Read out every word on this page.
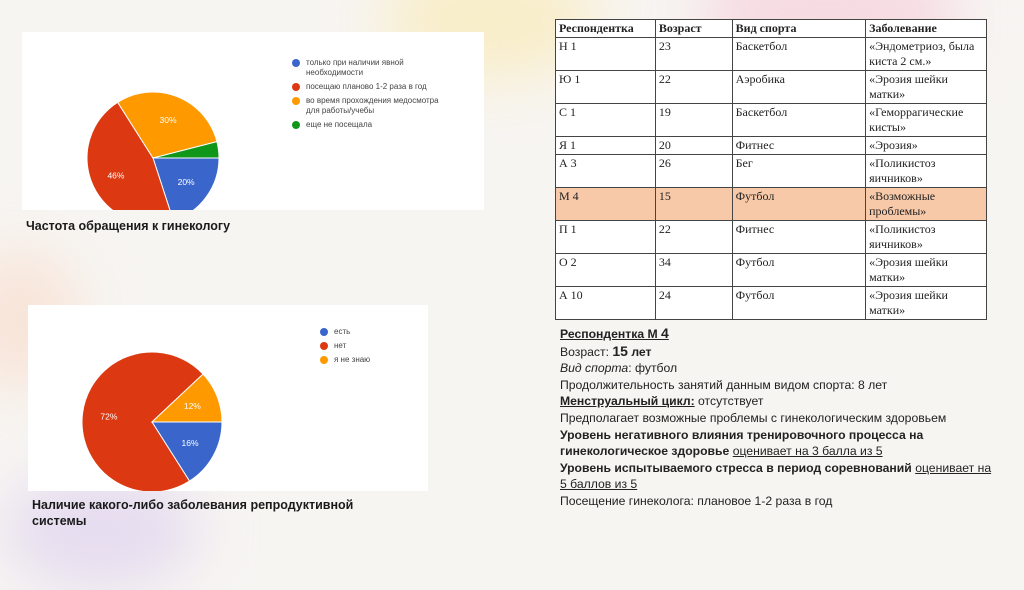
20%
46%
30%
только при наличии явной
необходимости
посещаю планово 1-2 раза в год
во время прохождения медосмотра
для работы/учебы
еще не посещала
Частота обращения к гинекологу
16%
72%
12%
есть
нет
я не знаю
Наличие какого-либо заболевания репродуктивной системы
Респондентка	Возраст	Вид спорта	Заболевание
Н 1	23	Баскетбол	«Эндометриоз, была киста 2 см.»
Ю 1	22	Аэробика	«Эрозия шейки матки»
С 1	19	Баскетбол	«Геморрагические кисты»
Я 1	20	Фитнес	«Эрозия»
А 3	26	Бег	«Поликистоз яичников»
М 4	15	Футбол	«Возможные проблемы»
П 1	22	Фитнес	«Поликистоз яичников»
О 2	34	Футбол	«Эрозия шейки матки»
А 10	24	Футбол	«Эрозия шейки матки»

Респондентка М 4

Возраст: 15 лет

Вид спорта: футбол

Продолжительность занятий данным видом спорта: 8 лет

Менструальный цикл: отсутствует

Предполагает возможные проблемы с гинекологическим здоровьем

Уровень негативного влияния тренировочного процесса на гинекологическое здоровье оценивает на 3 балла из 5

Уровень испытываемого стресса в период соревнований оценивает на 5 баллов из 5

Посещение гинеколога: плановое 1-2 раза в год
